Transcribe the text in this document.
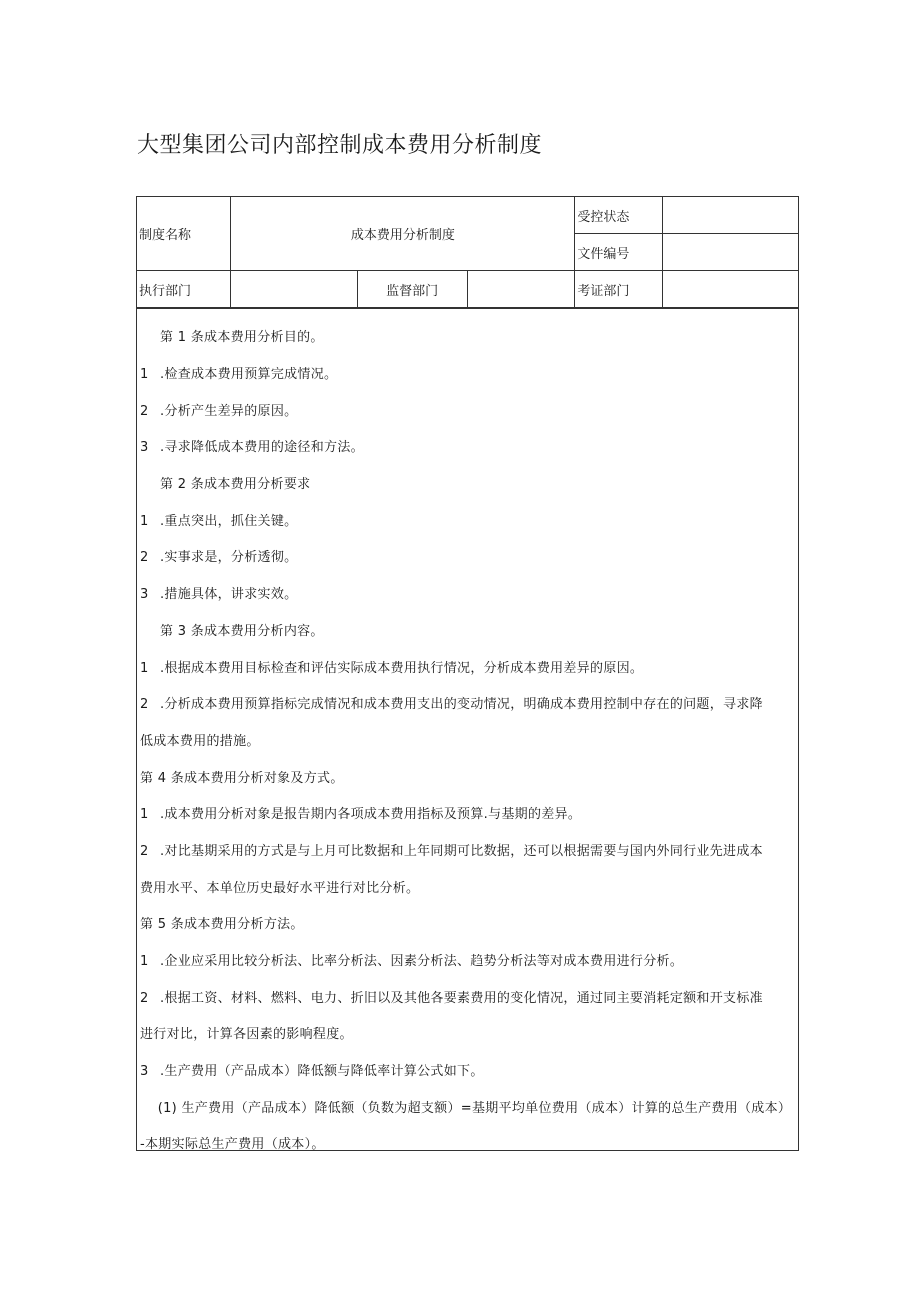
大型集团公司内部控制成本费用分析制度
制度名称	成本费用分析制度			受控状态	
				文件编号	
执行部门		监督部门		考证部门	
第 1 条成本费用分析目的。
1 .检查成本费用预算完成情况。
2 .分析产生差异的原因。
3 .寻求降低成本费用的途径和方法。
第 2 条成本费用分析要求
1 .重点突出，抓住关键。
2 .实事求是，分析透彻。
3 .措施具体，讲求实效。
第 3 条成本费用分析内容。
1 .根据成本费用目标检查和评估实际成本费用执行情况，分析成本费用差异的原因。
2 .分析成本费用预算指标完成情况和成本费用支出的变动情况，明确成本费用控制中存在的问题，寻求降
低成本费用的措施。
第 4 条成本费用分析对象及方式。
1 .成本费用分析对象是报告期内各项成本费用指标及预算.与基期的差异。
2 .对比基期采用的方式是与上月可比数据和上年同期可比数据，还可以根据需要与国内外同行业先进成本
费用水平、本单位历史最好水平进行对比分析。
第 5 条成本费用分析方法。
1 .企业应采用比较分析法、比率分析法、因素分析法、趋势分析法等对成本费用进行分析。
2 .根据工资、材料、燃料、电力、折旧以及其他各要素费用的变化情况，通过同主要消耗定额和开支标准
进行对比，计算各因素的影响程度。
3 .生产费用（产品成本）降低额与降低率计算公式如下。
(1) 生产费用（产品成本）降低额（负数为超支额）=基期平均单位费用（成本）计算的总生产费用（成本）
-本期实际总生产费用（成本）。
